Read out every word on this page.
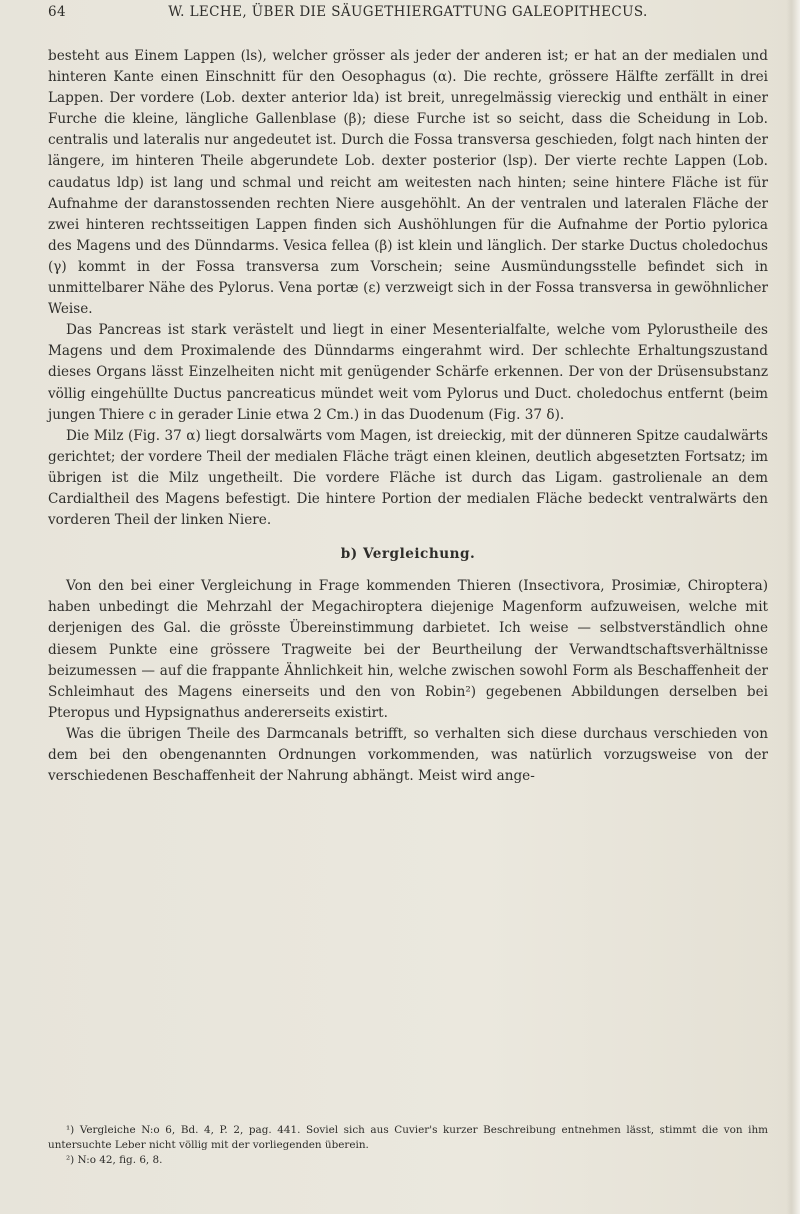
64	W. LECHE, ÜBER DIE SÄUGETHIERGATTUNG GALEOPITHECUS.

besteht aus Einem Lappen (ls), welcher grösser als jeder der anderen ist; er hat an der medialen und hinteren Kante einen Einschnitt für den Oesophagus (α). Die rechte, grössere Hälfte zerfällt in drei Lappen. Der vordere (Lob. dexter anterior lda) ist breit, unregelmässig viereckig und enthält in einer Furche die kleine, längliche Gallenblase (β); diese Furche ist so seicht, dass die Scheidung in Lob. centralis und lateralis nur angedeutet ist. Durch die Fossa transversa geschieden, folgt nach hinten der längere, im hinteren Theile abgerundete Lob. dexter posterior (lsp). Der vierte rechte Lappen (Lob. caudatus ldp) ist lang und schmal und reicht am weitesten nach hinten; seine hintere Fläche ist für Aufnahme der daranstossenden rechten Niere ausgehöhlt. An der ventralen und lateralen Fläche der zwei hinteren rechtsseitigen Lappen finden sich Aushöhlungen für die Aufnahme der Portio pylorica des Magens und des Dünndarms. Vesica fellea (β) ist klein und länglich. Der starke Ductus choledochus (γ) kommt in der Fossa transversa zum Vorschein; seine Ausmündungsstelle befindet sich in unmittelbarer Nähe des Pylorus. Vena portæ (ε) verzweigt sich in der Fossa transversa in gewöhnlicher Weise.

Das Pancreas ist stark verästelt und liegt in einer Mesenterialfalte, welche vom Pylorustheile des Magens und dem Proximalende des Dünndarms eingerahmt wird. Der schlechte Erhaltungszustand dieses Organs lässt Einzelheiten nicht mit genügender Schärfe erkennen. Der von der Drüsensubstanz völlig eingehüllte Ductus pancreaticus mündet weit vom Pylorus und Duct. choledochus entfernt (beim jungen Thiere c in gerader Linie etwa 2 Cm.) in das Duodenum (Fig. 37 δ).

Die Milz (Fig. 37 α) liegt dorsalwärts vom Magen, ist dreieckig, mit der dünneren Spitze caudalwärts gerichtet; der vordere Theil der medialen Fläche trägt einen kleinen, deutlich abgesetzten Fortsatz; im übrigen ist die Milz ungetheilt. Die vordere Fläche ist durch das Ligam. gastrolienale an dem Cardialtheil des Magens befestigt. Die hintere Portion der medialen Fläche bedeckt ventralwärts den vorderen Theil der linken Niere.

b) Vergleichung.

Von den bei einer Vergleichung in Frage kommenden Thieren (Insectivora, Prosimiæ, Chiroptera) haben unbedingt die Mehrzahl der Megachiroptera diejenige Magenform aufzuweisen, welche mit derjenigen des Gal. die grösste Übereinstimmung darbietet. Ich weise — selbstverständlich ohne diesem Punkte eine grössere Tragweite bei der Beurtheilung der Verwandtschaftsverhältnisse beizumessen — auf die frappante Ähnlichkeit hin, welche zwischen sowohl Form als Beschaffenheit der Schleimhaut des Magens einerseits und den von Robin²) gegebenen Abbildungen derselben bei Pteropus und Hypsignathus andererseits existirt.

Was die übrigen Theile des Darmcanals betrifft, so verhalten sich diese durchaus verschieden von dem bei den obengenannten Ordnungen vorkommenden, was natürlich vorzugsweise von der verschiedenen Beschaffenheit der Nahrung abhängt. Meist wird ange-

¹) Vergleiche N:o 6, Bd. 4, P. 2, pag. 441. Soviel sich aus Cuvier's kurzer Beschreibung entnehmen lässt, stimmt die von ihm untersuchte Leber nicht völlig mit der vorliegenden überein.

²) N:o 42, fig. 6, 8.
